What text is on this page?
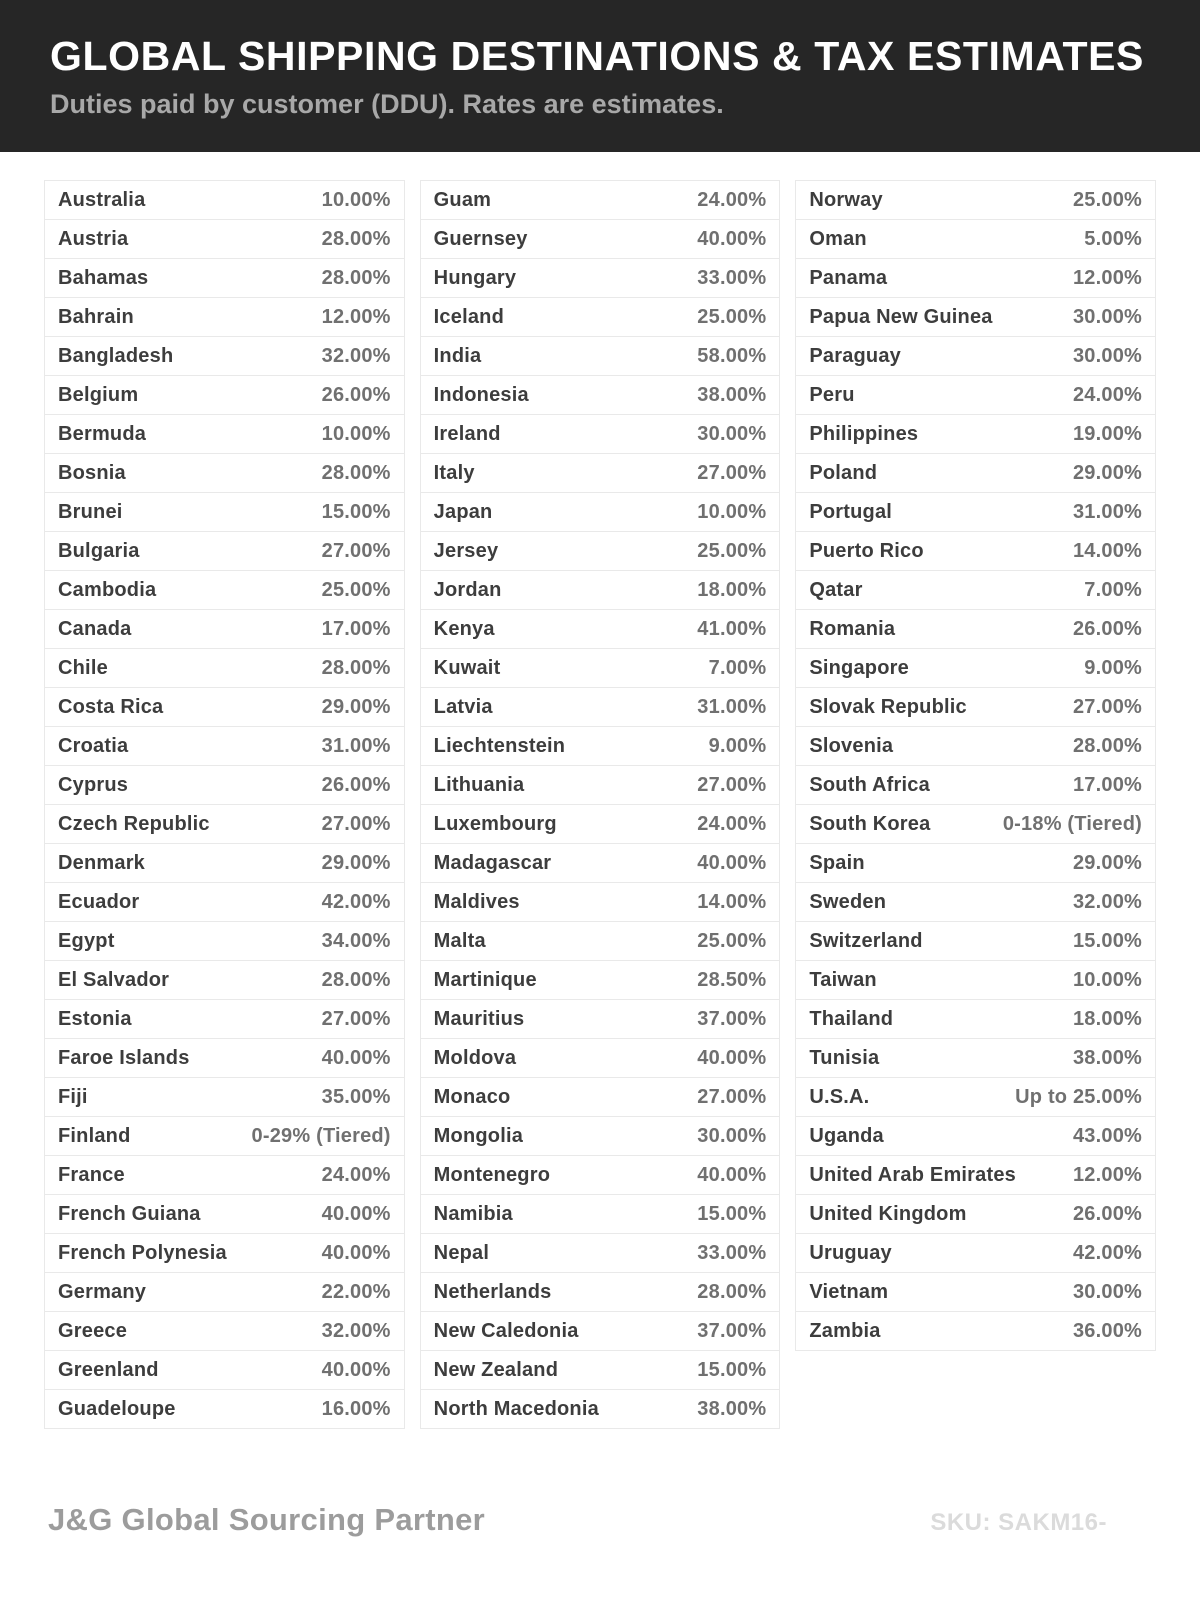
GLOBAL SHIPPING DESTINATIONS & TAX ESTIMATES

Duties paid by customer (DDU). Rates are estimates.

Australia	10.00%
Austria	28.00%
Bahamas	28.00%
Bahrain	12.00%
Bangladesh	32.00%
Belgium	26.00%
Bermuda	10.00%
Bosnia	28.00%
Brunei	15.00%
Bulgaria	27.00%
Cambodia	25.00%
Canada	17.00%
Chile	28.00%
Costa Rica	29.00%
Croatia	31.00%
Cyprus	26.00%
Czech Republic	27.00%
Denmark	29.00%
Ecuador	42.00%
Egypt	34.00%
El Salvador	28.00%
Estonia	27.00%
Faroe Islands	40.00%
Fiji	35.00%
Finland	0-29% (Tiered)
France	24.00%
French Guiana	40.00%
French Polynesia	40.00%
Germany	22.00%
Greece	32.00%
Greenland	40.00%
Guadeloupe	16.00%
Guam	24.00%
Guernsey	40.00%
Hungary	33.00%
Iceland	25.00%
India	58.00%
Indonesia	38.00%
Ireland	30.00%
Italy	27.00%
Japan	10.00%
Jersey	25.00%
Jordan	18.00%
Kenya	41.00%
Kuwait	7.00%
Latvia	31.00%
Liechtenstein	9.00%
Lithuania	27.00%
Luxembourg	24.00%
Madagascar	40.00%
Maldives	14.00%
Malta	25.00%
Martinique	28.50%
Mauritius	37.00%
Moldova	40.00%
Monaco	27.00%
Mongolia	30.00%
Montenegro	40.00%
Namibia	15.00%
Nepal	33.00%
Netherlands	28.00%
New Caledonia	37.00%
New Zealand	15.00%
North Macedonia	38.00%
Norway	25.00%
Oman	5.00%
Panama	12.00%
Papua New Guinea	30.00%
Paraguay	30.00%
Peru	24.00%
Philippines	19.00%
Poland	29.00%
Portugal	31.00%
Puerto Rico	14.00%
Qatar	7.00%
Romania	26.00%
Singapore	9.00%
Slovak Republic	27.00%
Slovenia	28.00%
South Africa	17.00%
South Korea	0-18% (Tiered)
Spain	29.00%
Sweden	32.00%
Switzerland	15.00%
Taiwan	10.00%
Thailand	18.00%
Tunisia	38.00%
U.S.A.	Up to 25.00%
Uganda	43.00%
United Arab Emirates	12.00%
United Kingdom	26.00%
Uruguay	42.00%
Vietnam	30.00%
Zambia	36.00%
J&G Global Sourcing Partner	SKU: SAKM16-
